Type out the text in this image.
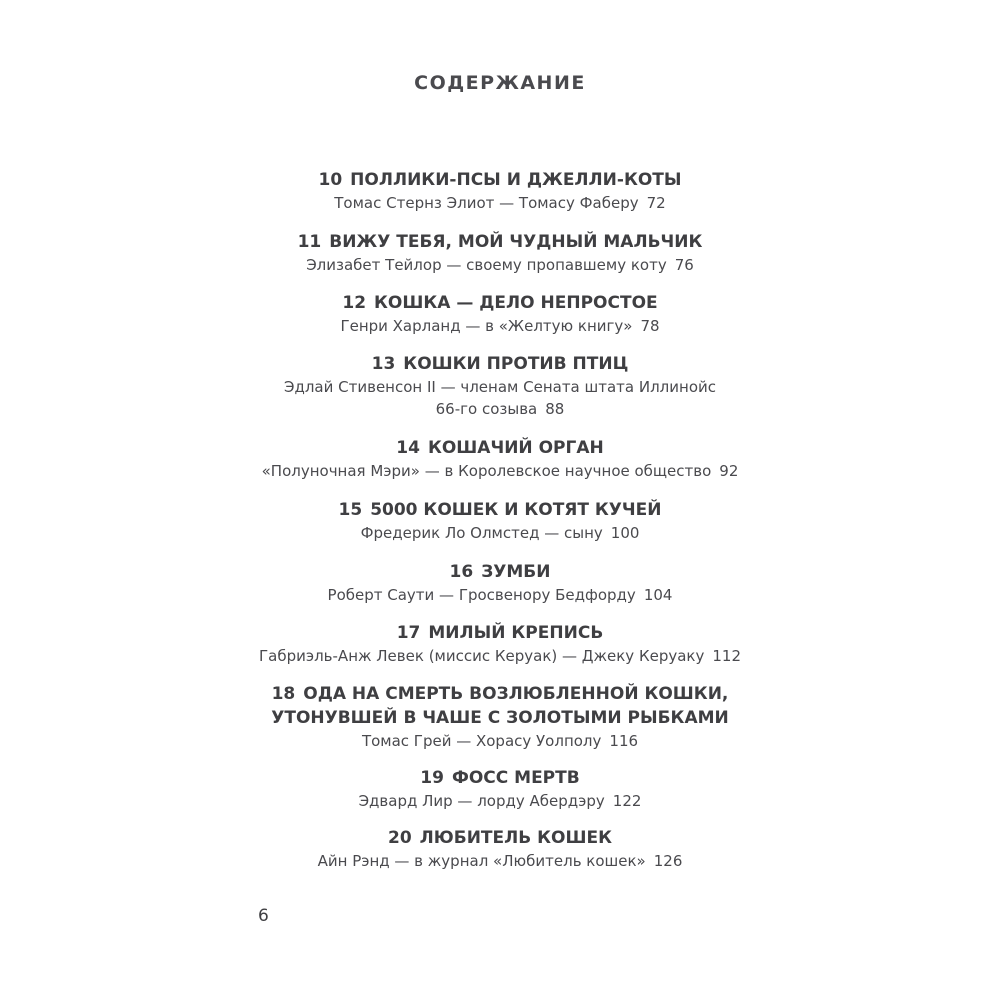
СОДЕРЖАНИЕ
10 ПОЛЛИКИ-ПСЫ И ДЖЕЛЛИ-КОТЫ
Томас Стернз Элиот — Томасу Фаберу 72
11 ВИЖУ ТЕБЯ, МОЙ ЧУДНЫЙ МАЛЬЧИК
Элизабет Тейлор — своему пропавшему коту 76
12 КОШКА — ДЕЛО НЕПРОСТОЕ
Генри Харланд — в «Желтую книгу» 78
13 КОШКИ ПРОТИВ ПТИЦ
Эдлай Стивенсон II — членам Сената штата Иллинойс
66-го созыва 88
14 КОШАЧИЙ ОРГАН
«Полуночная Мэри» — в Королевское научное общество 92
15 5000 КОШЕК И КОТЯТ КУЧЕЙ
Фредерик Ло Олмстед — сыну 100
16 ЗУМБИ
Роберт Саути — Гросвенору Бедфорду 104
17 МИЛЫЙ КРЕПИСЬ
Габриэль-Анж Левек (миссис Керуак) — Джеку Керуаку 112
18 ОДА НА СМЕРТЬ ВОЗЛЮБЛЕННОЙ КОШКИ,
УТОНУВШЕЙ В ЧАШЕ С ЗОЛОТЫМИ РЫБКАМИ
Томас Грей — Хорасу Уолполу 116
19 ФОСС МЕРТВ
Эдвард Лир — лорду Абердэру 122
20 ЛЮБИТЕЛЬ КОШЕК
Айн Рэнд — в журнал «Любитель кошек» 126
6
